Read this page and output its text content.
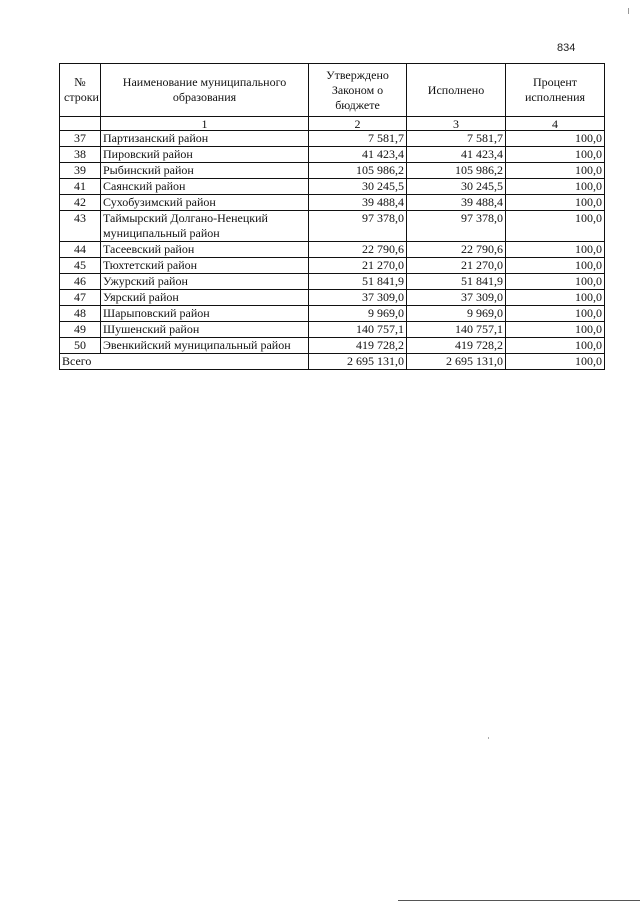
834
№ строки	Наименование муниципального образования	Утверждено Законом о бюджете	Исполнено	Процент исполнения
	1	2	3	4
37	Партизанский район	7 581,7	7 581,7	100,0
38	Пировский район	41 423,4	41 423,4	100,0
39	Рыбинский район	105 986,2	105 986,2	100,0
41	Саянский район	30 245,5	30 245,5	100,0
42	Сухобузимский район	39 488,4	39 488,4	100,0
43	Таймырский Долгано-Ненецкий муниципальный район	97 378,0	97 378,0	100,0
44	Тасеевский район	22 790,6	22 790,6	100,0
45	Тюхтетский район	21 270,0	21 270,0	100,0
46	Ужурский район	51 841,9	51 841,9	100,0
47	Уярский район	37 309,0	37 309,0	100,0
48	Шарыповский район	9 969,0	9 969,0	100,0
49	Шушенский район	140 757,1	140 757,1	100,0
50	Эвенкийский муниципальный район	419 728,2	419 728,2	100,0
Всего		2 695 131,0	2 695 131,0	100,0
